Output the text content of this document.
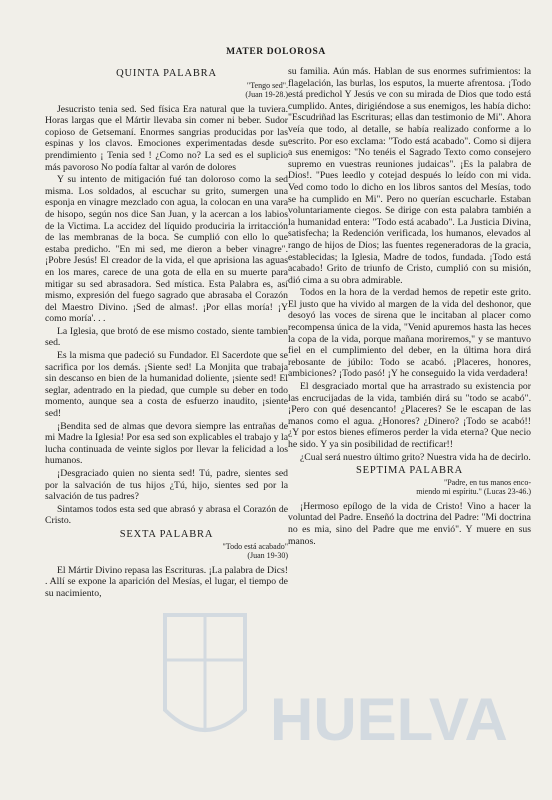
MATER DOLOROSA
QUINTA PALABRA
"Tengo sed".
(Juan 19-28.)

Jesucristo tenia sed. Sed física Era natural que la tuviera. Horas largas que el Mártir llevaba sin comer ni beber. Sudor copioso de Getsemaní. Enormes sangrias producidas por las espinas y los clavos. Emociones experimentadas desde su prendimiento ¡ Tenia sed ! ¿Como no? La sed es el suplicio más pavoroso No podía faltar al varón de dolores

Y su intento de mitigación fué tan doloroso como la sed misma. Los soldados, al escuchar su grito, sumergen una esponja en vinagre mezclado con agua, la colocan en una vara de hisopo, según nos dice San Juan, y la acercan a los labios de la Victima. La accidez del líquido produciria la irritacción de las membranas de la boca. Se cumplió con ello lo que estaba predicho. "En mi sed, me dieron a beber vinagre". ¡Pobre Jesús! El creador de la vida, el que aprisiona las aguas en los mares, carece de una gota de ella en su muerte para mitigar su sed abrasadora. Sed mística. Esta Palabra es, así mismo, expresión del fuego sagrado que abrasaba el Corazón del Maestro Divino. ¡Sed de almas!. ¡Por ellas moría! ¡Y como moría'. . .

La Iglesia, que brotó de ese mismo costado, siente tambien sed.

Es la misma que padeció su Fundador. El Sacerdote que se sacrifica por los demás. ¡Siente sed! La Monjita que trabaja sin descanso en bien de la humanidad doliente, ¡siente sed! El seglar, adentrado en la piedad, que cumple su deber en todo momento, aunque sea a costa de esfuerzo inaudito, ¡siente sed!

¡Bendita sed de almas que devora siempre las entrañas de mi Madre la Iglesia! Por esa sed son explicables el trabajo y la lucha continuada de veinte siglos por llevar la felicidad a los humanos.

¡Desgraciado quien no sienta sed! Tú, padre, sientes sed por la salvación de tus hijos ¿Tú, hijo, sientes sed por la salvación de tus padres?

Sintamos todos esta sed que abrasó y abrasa el Corazón de Cristo.

SEXTA PALABRA
"Todo está acabado"
(Juan 19-30)

El Mártir Divino repasa las Escrituras. ¡La palabra de Dics! . Allí se expone la aparición del Mesías, el lugar, el tiempo de su nacimiento,

su familia. Aún más. Hablan de sus enormes sufrimientos: la flagelación, las burlas, los esputos, la muerte afrentosa. ¡Todo está predichol Y Jesús ve con su mirada de Dios que todo está cumplido. Antes, dirigiéndose a sus enemigos, les había dicho: "Escudriñad las Escrituras; ellas dan testimonio de Mi". Ahora veía que todo, al detalle, se había realizado conforme a lo escrito. Por eso exclama: "Todo está acabado". Como si dijera a sus enemigos: "No tenéis el Sagrado Texto como consejero supremo en vuestras reuniones judaicas". ¡Es la palabra de Dios!. "Pues leedlo y cotejad después lo leído con mi vida. Ved como todo lo dicho en los libros santos del Mesías, todo se ha cumplido en Mi". Pero no querían escucharle. Estaban voluntariamente ciegos. Se dirige con esta palabra también a la humanidad entera: "Todo está acabado". La Justicia Divina, satisfecha; la Redención verificada, los humanos, elevados al rango de hijos de Dios; las fuentes regeneradoras de la gracia, establecidas; la Iglesia, Madre de todos, fundada. ¡Todo está acabado! Grito de triunfo de Cristo, cumplió con su misión, dió cima a su obra admirable.

Todos en la hora de la verdad hemos de repetir este grito. El justo que ha vivido al margen de la vida del deshonor, que desoyó las voces de sirena que le incitaban al placer como recompensa única de la vida, "Venid apuremos hasta las heces la copa de la vida, porque mañana moriremos," y se mantuvo fiel en el cumplimiento del deber, en la última hora dirá rebosante de júbilo: Todo se acabó. ¡Placeres, honores, ambiciones? ¡Todo pasó! ¡Y he conseguido la vida verdadera!

El desgraciado mortal que ha arrastrado su existencia por las encrucijadas de la vida, también dirá su "todo se acabó". ¡Pero con qué desencanto! ¿Placeres? Se le escapan de las manos como el agua. ¿Honores? ¿Dinero? ¡Todo se acabó!! ¿Y por estos bienes efímeros perder la vida eterna? Que necio he sido. Y ya sin posibilidad de rectificar!!

¿Cual será nuestro último grito? Nuestra vida ha de decirlo.

SEPTIMA PALABRA
"Padre, en tus manos enco-
miendo mi espíritu." (Lucas 23-46.)

¡Hermoso epílogo de la vida de Cristo! Vino a hacer la voluntad del Padre. Enseñó la doctrina del Padre: "Mi doctrina no es mia, sino del Padre que me envió". Y muere en sus manos.

HUELVA
